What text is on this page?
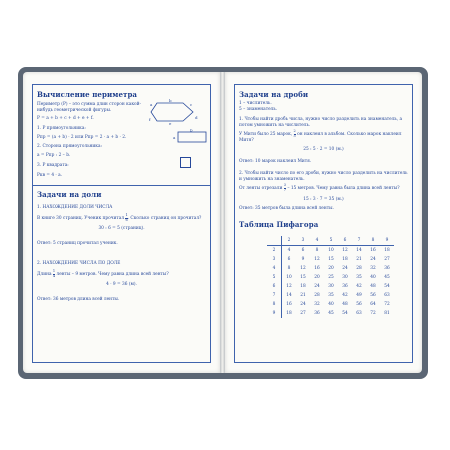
Вычисление периметра
Периметр (P) – это сумма длин сторон какой-нибудь геометрической фигуры.
P = a + b + c + d + e + f.
a
b
c
d
e
f
1. P прямоугольника:
Pпр = (a + b) · 2 или Pпр = 2 · a + b · 2.	a
b
2. Сторона прямоугольника:
a = Pпр : 2 – b.
3. P квадрата:
Pкв = 4 · a.
Задачи на доли
1. НАХОЖДЕНИЕ ДОЛИ ЧИСЛА
В книге 30 страниц. Ученик прочитал $\frac{1}{6}$ . Сколько страниц он прочитал?
30 : 6 = 5 (страниц).
Ответ: 5 страниц прочитал ученик.
2. НАХОЖДЕНИЕ ЧИСЛА ПО ДОЛЕ
Длина $\frac{1}{4}$ ленты – 9 метров. Чему равна длина всей ленты?
4 · 9 = 36 (м).
Ответ: 36 метров длина всей ленты.
Задачи на дроби
1 – числитель.
5 – знаменатель.
1. Чтобы найти дробь числа, нужно число разделить на знаменатель, а потом умножить на числитель.
У Мити было 25 марок, $\frac{2}{5}$ он наклеил в альбом. Сколько марок наклеил Митя?
25 : 5 · 2 = 10 (м.)
Ответ: 10 марок наклеил Митя.
2. Чтобы найти число по его дроби, нужно число разделить на числитель и умножить на знаменатель.
От ленты отрезали $\frac{3}{7} - 15$ метров. Чему равна была длина всей ленты?
15 : 3 · 7 = 35 (м.)
Ответ: 35 метров была длина всей ленты.
Таблица Пифагора
	2	3	4	5	6	7	8	9
2	4	6	8	10	12	14	16	18
3	6	9	12	15	18	21	24	27
4	8	12	16	20	24	28	32	36
5	10	15	20	25	30	35	40	45
6	12	18	24	30	36	42	48	54
7	14	21	28	35	42	49	56	63
8	16	24	32	40	48	56	64	72
9	18	27	36	45	54	63	72	81
